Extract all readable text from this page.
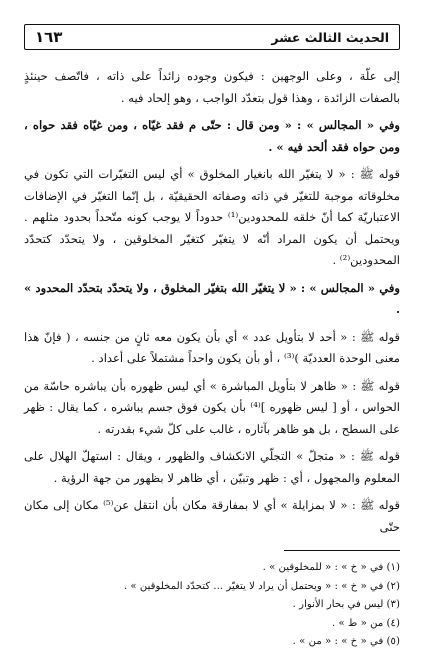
الحديث الثالث عشر
١٦٣

إلى علّة ، وعلى الوجهين : فيكون وجوده زائداً على ذاته ، فاتّصف حينئذٍ بالصفات الزائدة ، وهذا قول بتعدّد الواجب ، وهو إلحاد فيه .

وفي « المجالس » : « ومن قال : حتّى م فقد غيّاه ، ومن غيّاه فقد حواه ، ومن حواه فقد ألحد فيه » .

قوله ﷺ : « لا يتغيّر الله بانغيار المخلوق » أي ليس التغيّرات التي تكون في مخلوقاته موجبة للتغيّر في ذاته وصفاته الحقيقيّة ، بل إنّما التغيّر في الإضافات الاعتباريّة كما أنّ خلقه للمحدودين⁽¹⁾ حدوداً لا يوجب كونه متّحداً بحدود مثلهم . ويحتمل أن يكون المراد أنّه لا يتغيّر كتغيّر المخلوقين ، ولا يتحدّد كتحدّد المحدودين⁽²⁾ .

وفي « المجالس » : « لا يتغيّر الله بتغيّر المخلوق ، ولا يتحدّد بتحدّد المحدود » .

قوله ﷺ : « أحد لا بتأويل عدد » أي بأن يكون معه ثانٍ من جنسه ، ( فإنّ هذا معنى الوحدة العدديّة )⁽³⁾ ، أو بأن يكون واحداً مشتملاً على أعداد .

قوله ﷺ : « ظاهر لا بتأويل المباشرة » أي ليس ظهوره بأن يباشره حاسّة من الحواس ، أو [ ليس ظهوره ]⁽⁴⁾ بأن يكون فوق جسم يباشره ، كما يقال : ظهر على السطح ، بل هو ظاهر بآثاره ، غالب على كلّ شيء بقدرته .

قوله ﷺ : « متجلّ » التجلّي الانكشاف والظهور ، ويقال : استهلّ الهلال على المعلوم والمجهول ، أي : ظهر وتبيّن ، أي ظاهر لا بظهور من جهة الرؤية .

قوله ﷺ : « لا بمزايلة » أي لا بمفارقة مكان بأن انتقل عن⁽⁵⁾ مكان إلى مكان حتّى

(١) في « خ » : « للمخلوقين » .
(٢) في « خ » : « ويحتمل أن يراد لا يتغيّر ... كتحدّد المخلوقين » .
(٣) ليس في بحار الأنوار .
(٤) من « ط » .
(٥) في « خ » : « من » .
